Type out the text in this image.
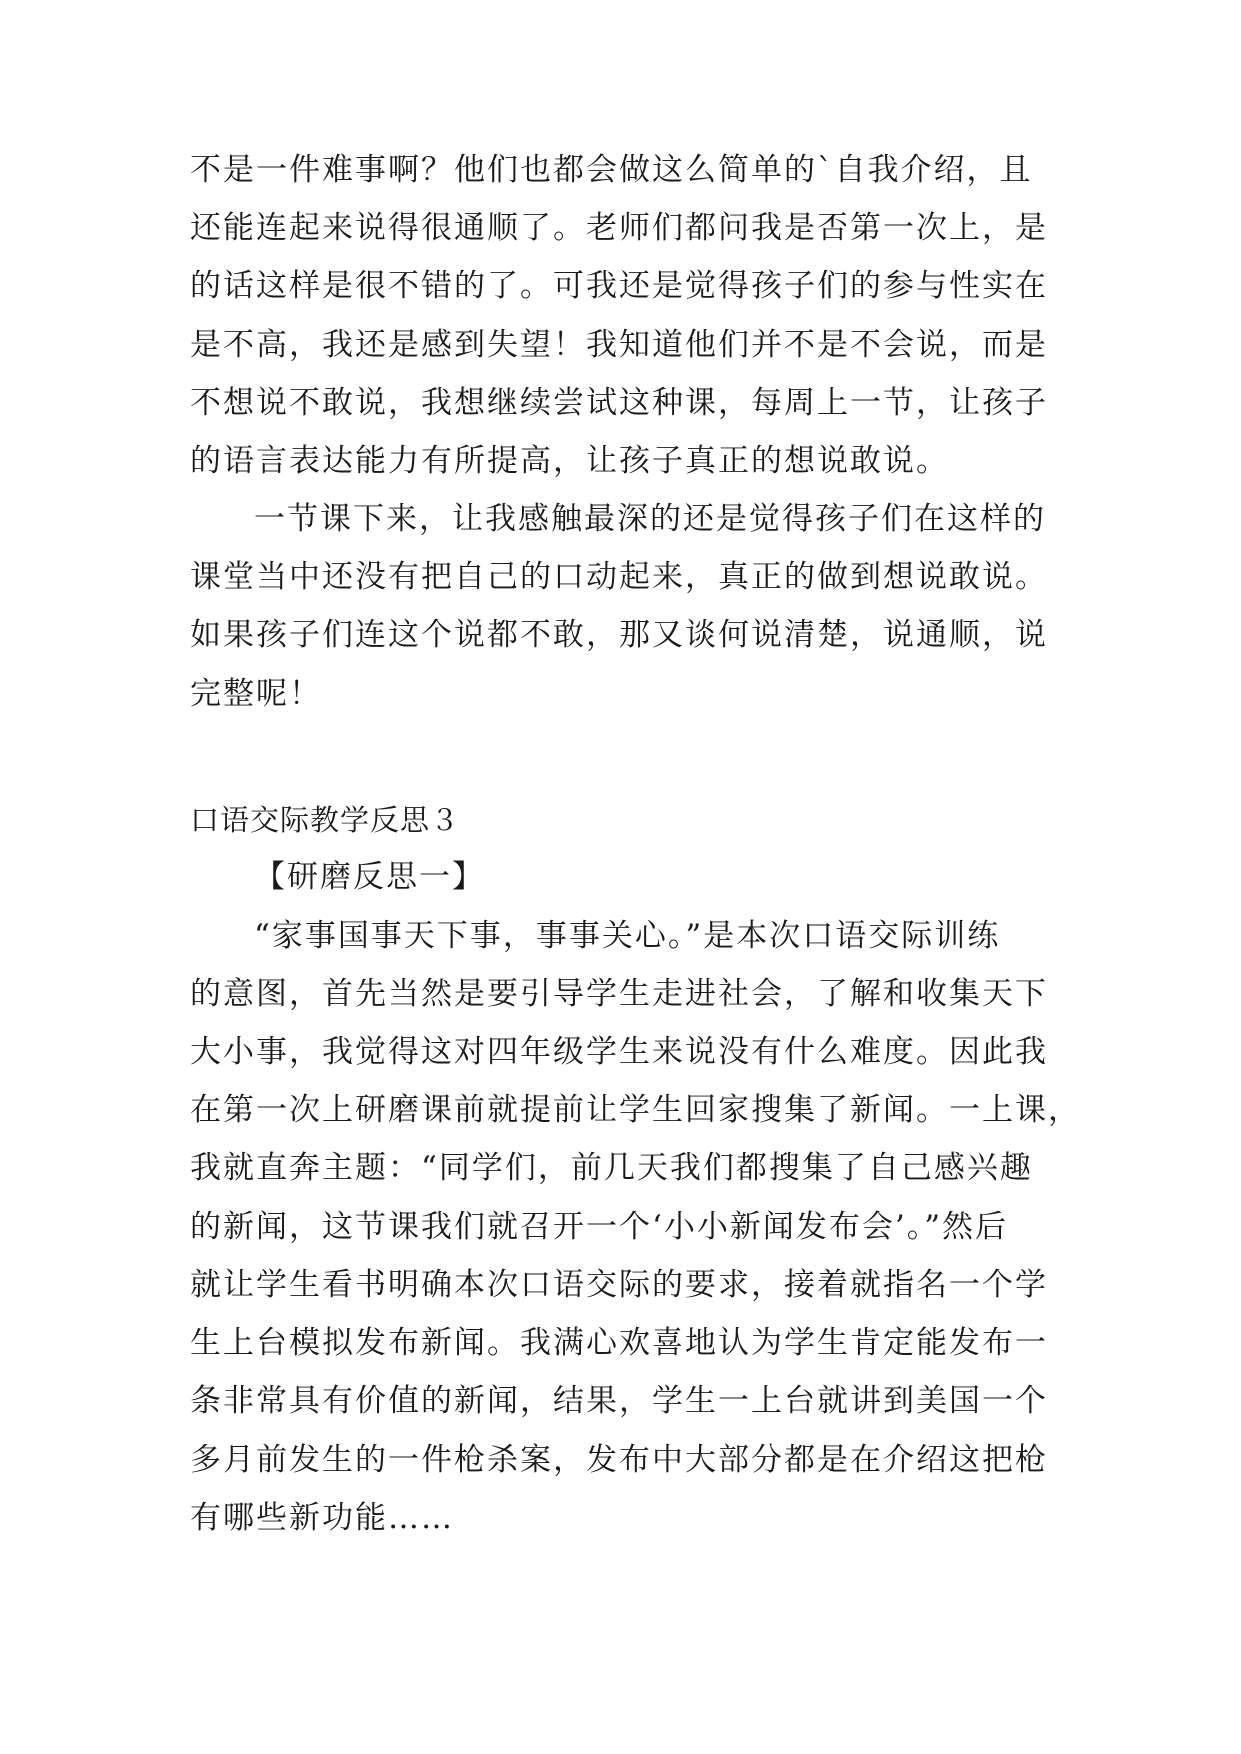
不是一件难事啊？他们也都会做这么简单的`自我介绍，且
还能连起来说得很通顺了。老师们都问我是否第一次上，是
的话这样是很不错的了。可我还是觉得孩子们的参与性实在
是不高，我还是感到失望！我知道他们并不是不会说，而是
不想说不敢说，我想继续尝试这种课，每周上一节，让孩子
的语言表达能力有所提高，让孩子真正的想说敢说。
一节课下来，让我感触最深的还是觉得孩子们在这样的
课堂当中还没有把自己的口动起来，真正的做到想说敢说。
如果孩子们连这个说都不敢，那又谈何说清楚，说通顺，说
完整呢！
口语交际教学反思３
【研磨反思一】
“家事国事天下事，事事关心。”是本次口语交际训练
的意图，首先当然是要引导学生走进社会，了解和收集天下
大小事，我觉得这对四年级学生来说没有什么难度。因此我
在第一次上研磨课前就提前让学生回家搜集了新闻。一上课，
我就直奔主题：“同学们，前几天我们都搜集了自己感兴趣
的新闻，这节课我们就召开一个‘小小新闻发布会’。”然后
就让学生看书明确本次口语交际的要求，接着就指名一个学
生上台模拟发布新闻。我满心欢喜地认为学生肯定能发布一
条非常具有价值的新闻，结果，学生一上台就讲到美国一个
多月前发生的一件枪杀案，发布中大部分都是在介绍这把枪
有哪些新功能……
